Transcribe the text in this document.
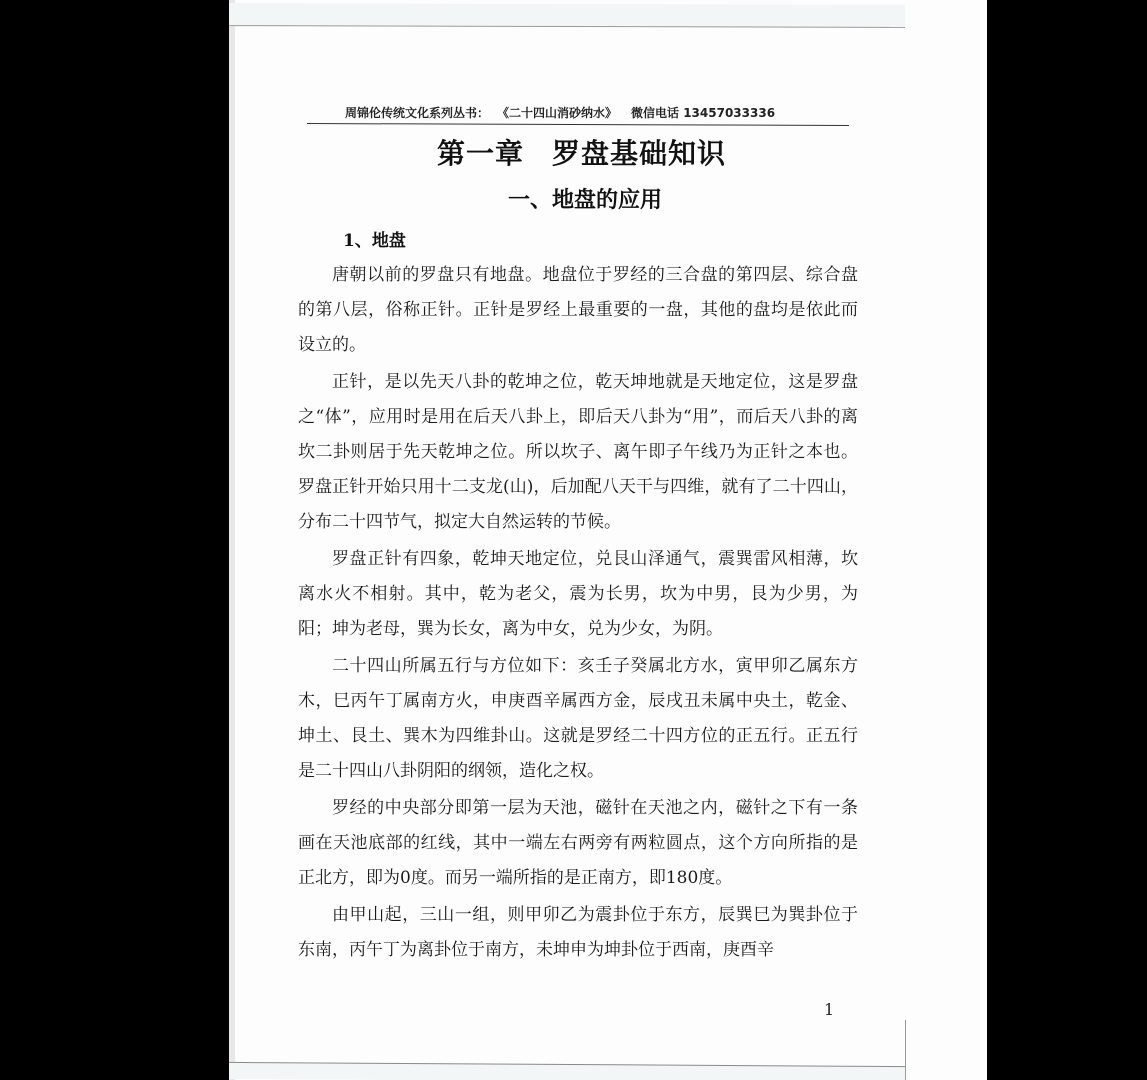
周锦伦传统文化系列丛书： 《二十四山消砂纳水》 微信电话 13457033336
第一章 罗盘基础知识
一、地盘的应用
1、地盘

唐朝以前的罗盘只有地盘。地盘位于罗经的三合盘的第四层、综合盘的第八层，俗称正针。正针是罗经上最重要的一盘，其他的盘均是依此而设立的。

正针，是以先天八卦的乾坤之位，乾天坤地就是天地定位，这是罗盘之“体”，应用时是用在后天八卦上，即后天八卦为“用”，而后天八卦的离坎二卦则居于先天乾坤之位。所以坎子、离午即子午线乃为正针之本也。罗盘正针开始只用十二支龙(山)，后加配八天干与四维，就有了二十四山，分布二十四节气，拟定大自然运转的节候。

罗盘正针有四象，乾坤天地定位，兑艮山泽通气，震巽雷风相薄，坎离水火不相射。其中，乾为老父，震为长男，坎为中男，艮为少男，为阳；坤为老母，巽为长女，离为中女，兑为少女，为阴。

二十四山所属五行与方位如下：亥壬子癸属北方水，寅甲卯乙属东方木，巳丙午丁属南方火，申庚酉辛属西方金，辰戌丑未属中央土，乾金、坤土、艮土、巽木为四维卦山。这就是罗经二十四方位的正五行。正五行是二十四山八卦阴阳的纲领，造化之权。

罗经的中央部分即第一层为天池，磁针在天池之内，磁针之下有一条画在天池底部的红线，其中一端左右两旁有两粒圆点，这个方向所指的是正北方，即为0度。而另一端所指的是正南方，即180度。

由甲山起，三山一组，则甲卯乙为震卦位于东方，辰巽巳为巽卦位于东南，丙午丁为离卦位于南方，未坤申为坤卦位于西南，庚酉辛

1
